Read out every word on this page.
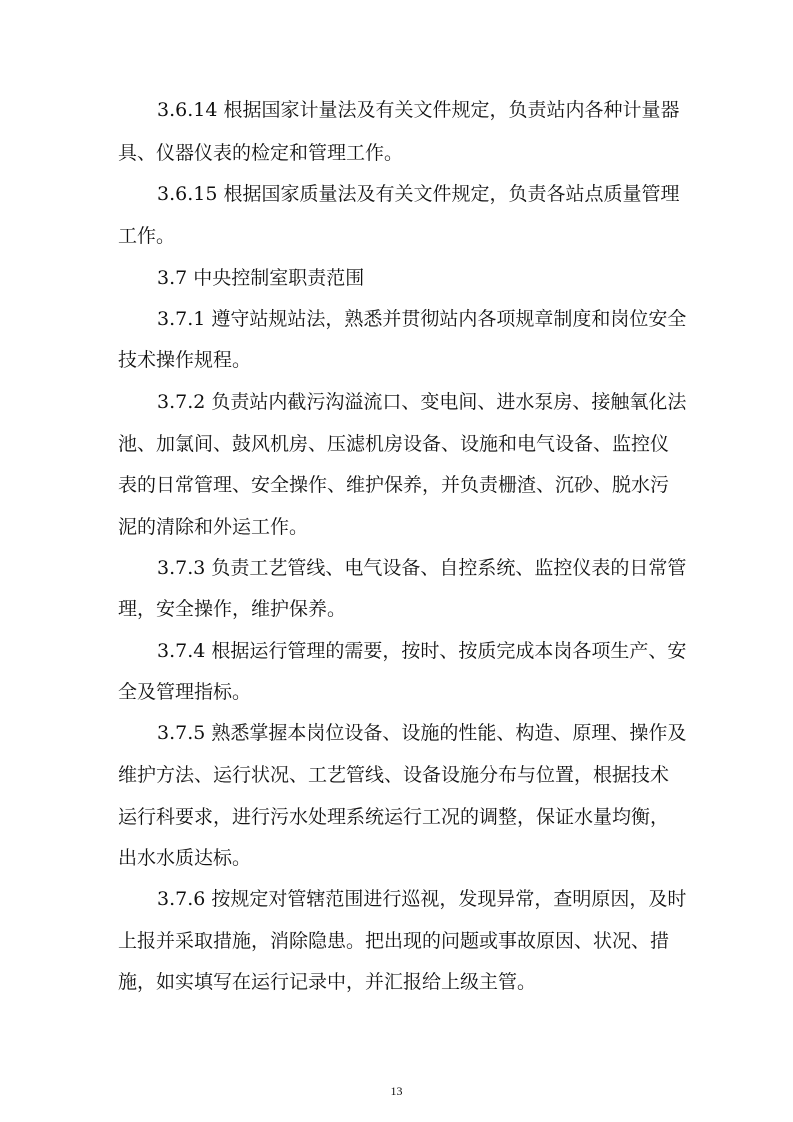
3.6.14 根据国家计量法及有关文件规定，负责站内各种计量器
具、仪器仪表的检定和管理工作。
3.6.15 根据国家质量法及有关文件规定，负责各站点质量管理
工作。
3.7 中央控制室职责范围
3.7.1 遵守站规站法，熟悉并贯彻站内各项规章制度和岗位安全
技术操作规程。
3.7.2 负责站内截污沟溢流口、变电间、进水泵房、接触氧化法
池、加氯间、鼓风机房、压滤机房设备、设施和电气设备、监控仪
表的日常管理、安全操作、维护保养，并负责栅渣、沉砂、脱水污
泥的清除和外运工作。
3.7.3 负责工艺管线、电气设备、自控系统、监控仪表的日常管
理，安全操作，维护保养。
3.7.4 根据运行管理的需要，按时、按质完成本岗各项生产、安
全及管理指标。
3.7.5 熟悉掌握本岗位设备、设施的性能、构造、原理、操作及
维护方法、运行状况、工艺管线、设备设施分布与位置，根据技术
运行科要求，进行污水处理系统运行工况的调整，保证水量均衡，
出水水质达标。
3.7.6 按规定对管辖范围进行巡视，发现异常，查明原因，及时
上报并采取措施，消除隐患。把出现的问题或事故原因、状况、措
施，如实填写在运行记录中，并汇报给上级主管。
13
